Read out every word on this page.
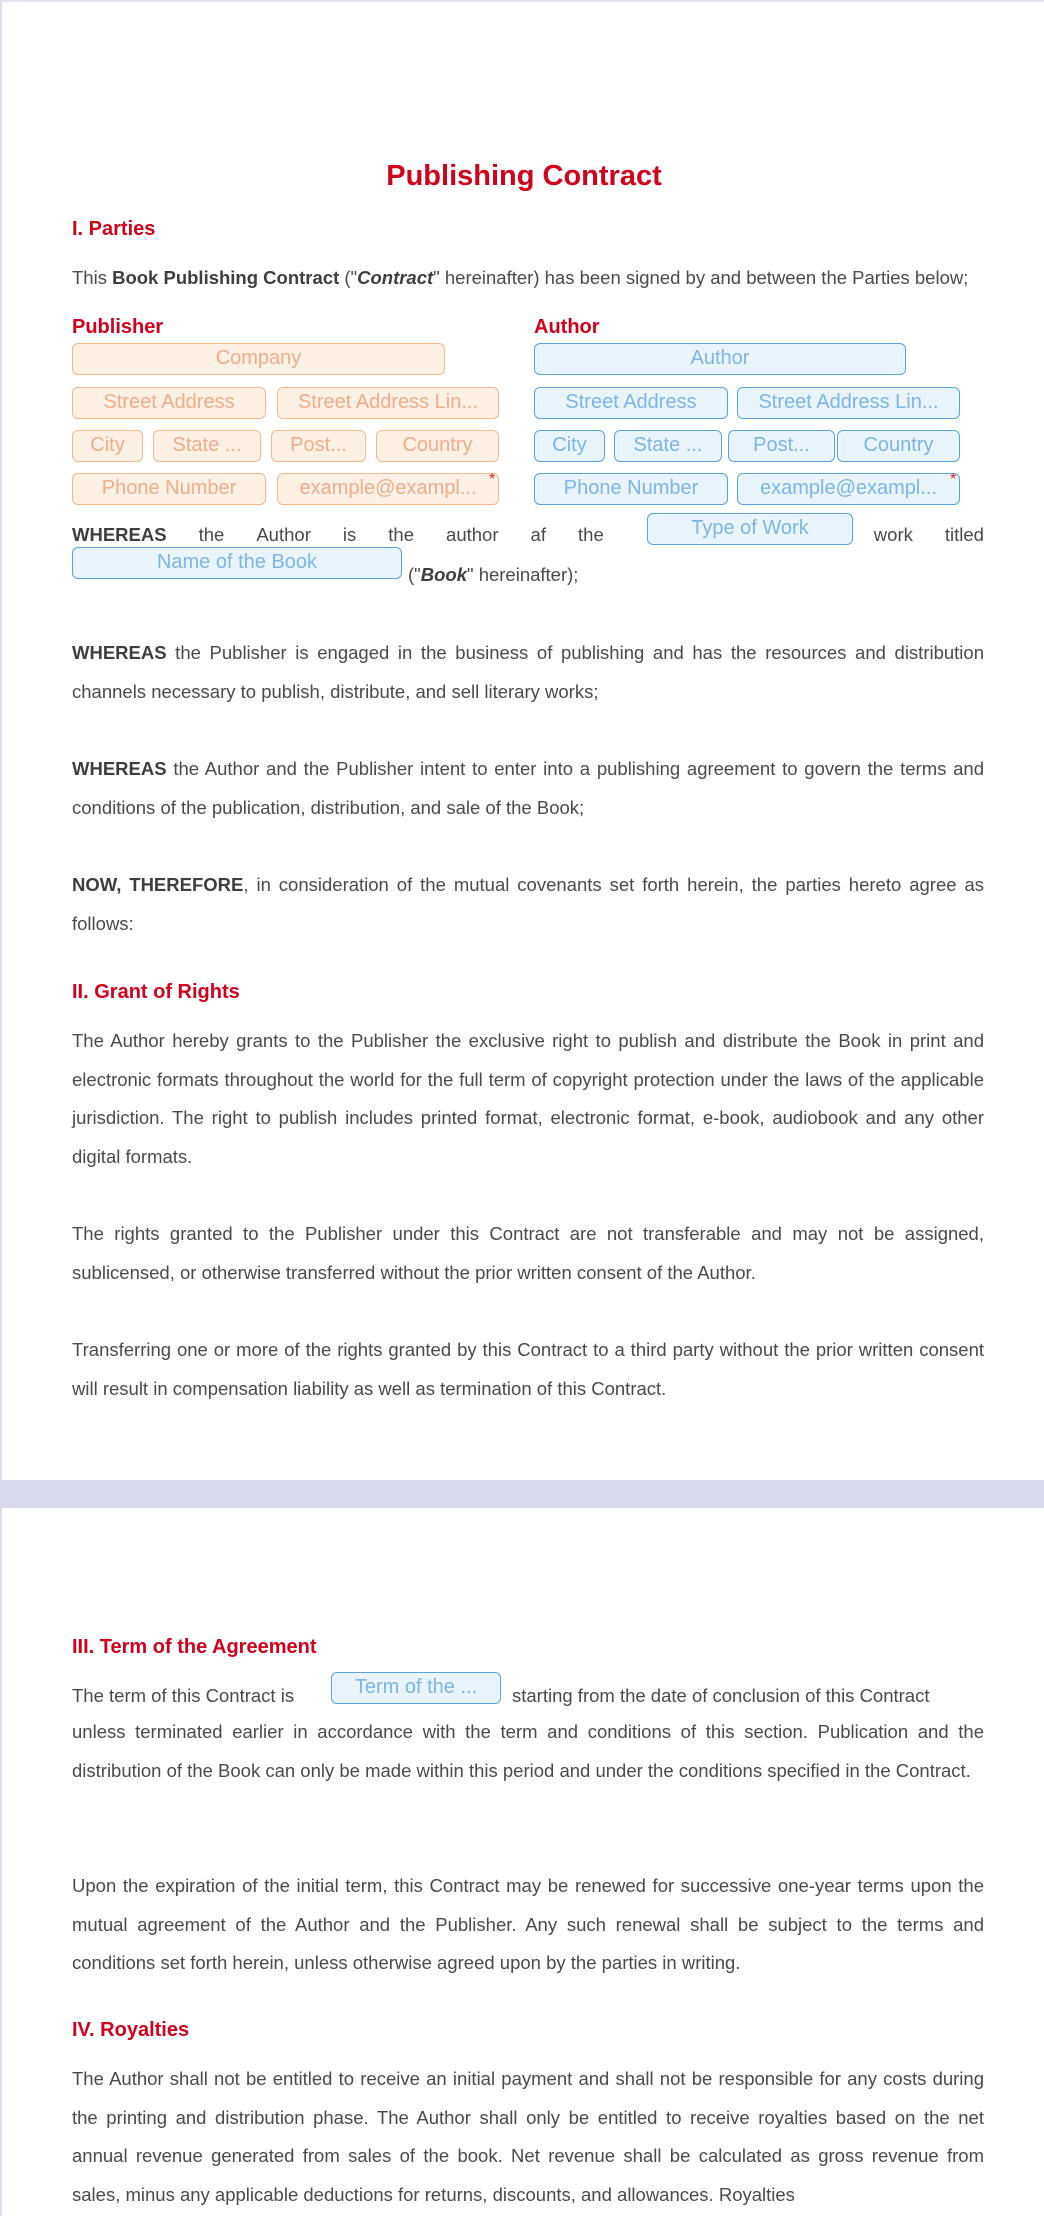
Publishing Contract
I. Parties
This Book Publishing Contract ("Contract" hereinafter) has been signed by and between the Parties below;
Publisher
Company
Street Address	Street Address Lin...
City	State ...	Post...	Country
Phone Number	example@exampl... *
Author
Author
Street Address	Street Address Lin...
City	State ...	Post...	Country
Phone Number	example@exampl... *
WHEREAS the Author is the author af the	work titled
Type of Work
Name of the Book
("Book" hereinafter);

WHEREAS the Publisher is engaged in the business of publishing and has the resources and distribution channels necessary to publish, distribute, and sell literary works;

WHEREAS the Author and the Publisher intent to enter into a publishing agreement to govern the terms and conditions of the publication, distribution, and sale of the Book;

NOW, THEREFORE, in consideration of the mutual covenants set forth herein, the parties hereto agree as follows:

II. Grant of Rights

The Author hereby grants to the Publisher the exclusive right to publish and distribute the Book in print and electronic formats throughout the world for the full term of copyright protection under the laws of the applicable jurisdiction. The right to publish includes printed format, electronic format, e-book, audiobook and any other digital formats.

The rights granted to the Publisher under this Contract are not transferable and may not be assigned, sublicensed, or otherwise transferred without the prior written consent of the Author.

Transferring one or more of the rights granted by this Contract to a third party without the prior written consent will result in compensation liability as well as termination of this Contract.

III. Term of the Agreement
The term of this Contract is	Term of the ...	starting from the date of conclusion of this Contract

unless terminated earlier in accordance with the term and conditions of this section. Publication and the distribution of the Book can only be made within this period and under the conditions specified in the Contract.

Upon the expiration of the initial term, this Contract may be renewed for successive one-year terms upon the mutual agreement of the Author and the Publisher. Any such renewal shall be subject to the terms and conditions set forth herein, unless otherwise agreed upon by the parties in writing.

IV. Royalties

The Author shall not be entitled to receive an initial payment and shall not be responsible for any costs during the printing and distribution phase. The Author shall only be entitled to receive royalties based on the net annual revenue generated from sales of the book. Net revenue shall be calculated as gross revenue from sales, minus any applicable deductions for returns, discounts, and allowances. Royalties
